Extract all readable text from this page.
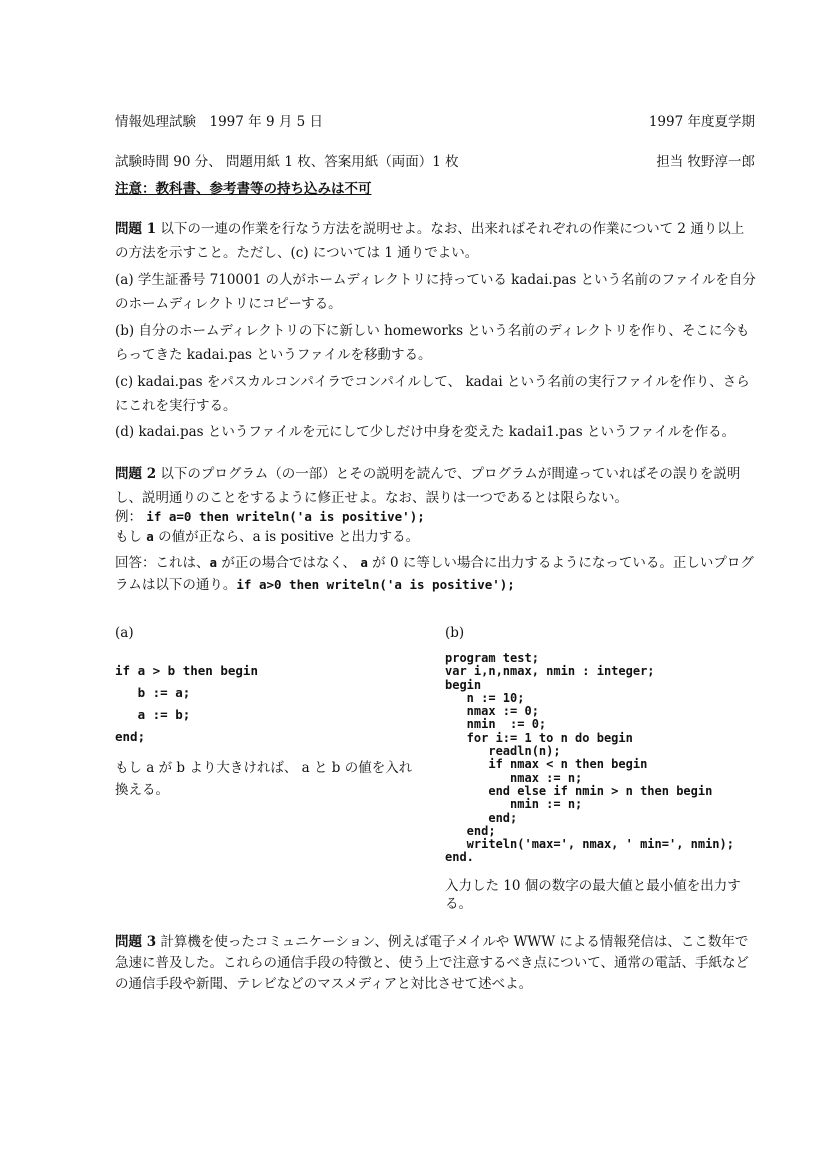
情報処理試験　1997 年 9 月 5 日	1997 年度夏学期
試験時間 90 分、 問題用紙 1 枚、答案用紙（両面）1 枚	担当 牧野淳一郎
注意：教科書、参考書等の持ち込みは不可
問題 1 以下の一連の作業を行なう方法を説明せよ。なお、出来ればそれぞれの作業について 2 通り以上の方法を示すこと。ただし、(c) については 1 通りでよい。
(a) 学生証番号 710001 の人がホームディレクトリに持っている kadai.pas という名前のファイルを自分のホームディレクトリにコピーする。
(b) 自分のホームディレクトリの下に新しい homeworks という名前のディレクトリを作り、そこに今もらってきた kadai.pas というファイルを移動する。
(c) kadai.pas をパスカルコンパイラでコンパイルして、 kadai という名前の実行ファイルを作り、さらにこれを実行する。
(d) kadai.pas というファイルを元にして少しだけ中身を変えた kadai1.pas というファイルを作る。
問題 2 以下のプログラム（の一部）とその説明を読んで、プログラムが間違っていればその誤りを説明し、説明通りのことをするように修正せよ。なお、誤りは一つであるとは限らない。
例： if a=0 then writeln('a is positive');
もし a の値が正なら、a is positive と出力する。
回答：これは、a が正の場合ではなく、 a が 0 に等しい場合に出力するようになっている。正しいプログラムは以下の通り。if a>0 then writeln('a is positive');
(a)	(b)
if a > b then begin
b := a;
a := b;
end;
もし a が b より大きければ、 a と b の値を入れ換える。
program test;
var i,n,nmax, nmin : integer;
begin
n := 10;
nmax := 0;
nmin  := 0;
for i:= 1 to n do begin
readln(n);
if nmax < n then begin
nmax := n;
end else if nmin > n then begin
nmin := n;
end;
end;
writeln('max=', nmax, ' min=', nmin);
end.
入力した 10 個の数字の最大値と最小値を出力する。
問題 3 計算機を使ったコミュニケーション、例えば電子メイルや WWW による情報発信は、ここ数年で急速に普及した。これらの通信手段の特徴と、使う上で注意するべき点について、通常の電話、手紙などの通信手段や新聞、テレビなどのマスメディアと対比させて述べよ。
